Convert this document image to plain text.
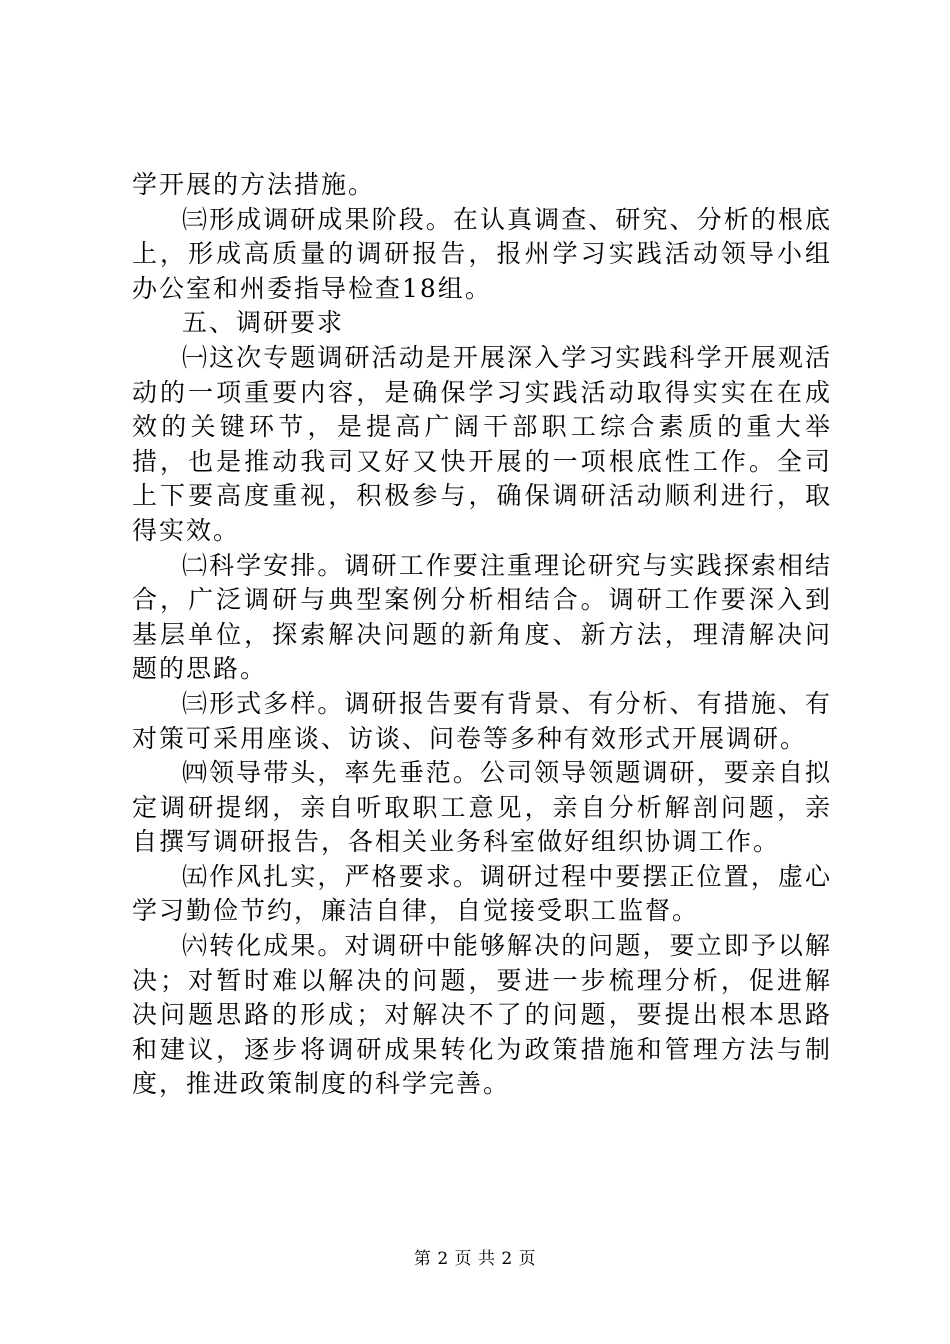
学开展的方法措施。

㈢形成调研成果阶段。在认真调查、研究、分析的根底上，形成高质量的调研报告，报州学习实践活动领导小组办公室和州委指导检查18组。

五、调研要求

㈠这次专题调研活动是开展深入学习实践科学开展观活动的一项重要内容，是确保学习实践活动取得实实在在成效的关键环节，是提高广阔干部职工综合素质的重大举措，也是推动我司又好又快开展的一项根底性工作。全司上下要高度重视，积极参与，确保调研活动顺利进行，取得实效。

㈡科学安排。调研工作要注重理论研究与实践探索相结合，广泛调研与典型案例分析相结合。调研工作要深入到基层单位，探索解决问题的新角度、新方法，理清解决问题的思路。

㈢形式多样。调研报告要有背景、有分析、有措施、有对策可采用座谈、访谈、问卷等多种有效形式开展调研。

㈣领导带头，率先垂范。公司领导领题调研，要亲自拟定调研提纲，亲自听取职工意见，亲自分析解剖问题，亲自撰写调研报告，各相关业务科室做好组织协调工作。

㈤作风扎实，严格要求。调研过程中要摆正位置，虚心学习勤俭节约，廉洁自律，自觉接受职工监督。

㈥转化成果。对调研中能够解决的问题，要立即予以解决；对暂时难以解决的问题，要进一步梳理分析，促进解决问题思路的形成；对解决不了的问题，要提出根本思路和建议，逐步将调研成果转化为政策措施和管理方法与制度，推进政策制度的科学完善。

第 2 页 共 2 页
